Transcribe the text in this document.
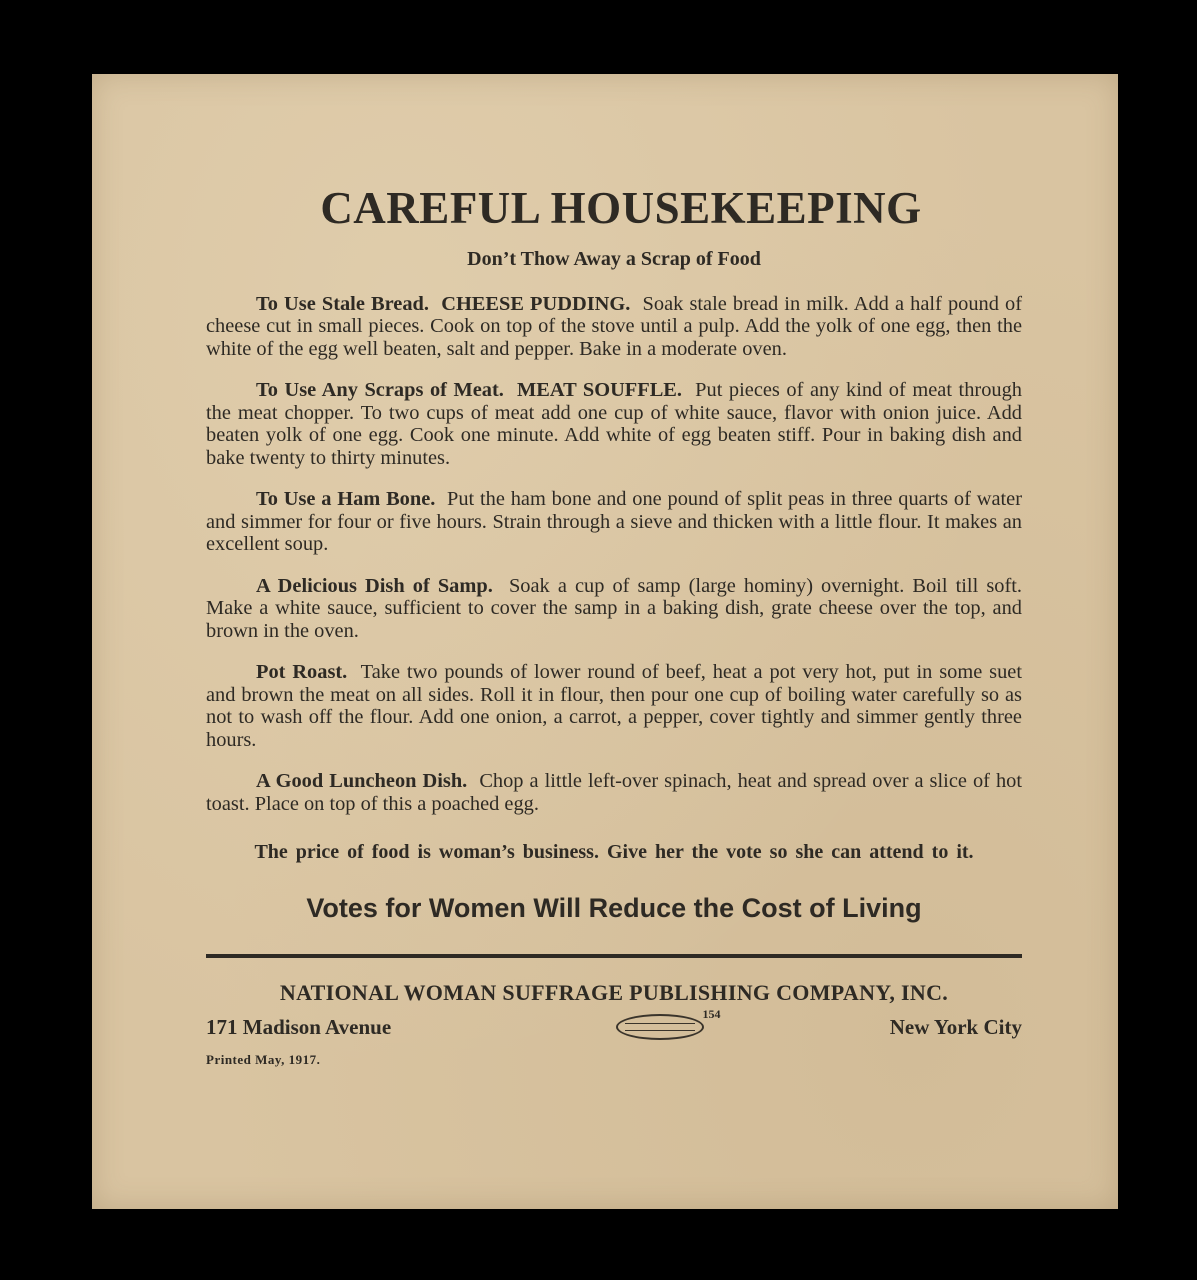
CAREFUL HOUSEKEEPING
Don’t Thow Away a Scrap of Food

To Use Stale Bread. CHEESE PUDDING. Soak stale bread in milk. Add a half pound of cheese cut in small pieces. Cook on top of the stove until a pulp. Add the yolk of one egg, then the white of the egg well beaten, salt and pepper. Bake in a moderate oven.

To Use Any Scraps of Meat. MEAT SOUFFLE. Put pieces of any kind of meat through the meat chopper. To two cups of meat add one cup of white sauce, flavor with onion juice. Add beaten yolk of one egg. Cook one minute. Add white of egg beaten stiff. Pour in baking dish and bake twenty to thirty minutes.

To Use a Ham Bone. Put the ham bone and one pound of split peas in three quarts of water and simmer for four or five hours. Strain through a sieve and thicken with a little flour. It makes an excellent soup.

A Delicious Dish of Samp. Soak a cup of samp (large hominy) overnight. Boil till soft. Make a white sauce, sufficient to cover the samp in a baking dish, grate cheese over the top, and brown in the oven.

Pot Roast. Take two pounds of lower round of beef, heat a pot very hot, put in some suet and brown the meat on all sides. Roll it in flour, then pour one cup of boiling water carefully so as not to wash off the flour. Add one onion, a carrot, a pepper, cover tightly and simmer gently three hours.

A Good Luncheon Dish. Chop a little left-over spinach, heat and spread over a slice of hot toast. Place on top of this a poached egg.

The price of food is woman’s business. Give her the vote so she can attend to it.

Votes for Women Will Reduce the Cost of Living
NATIONAL WOMAN SUFFRAGE PUBLISHING COMPANY, INC.
171 Madison Avenue
154
New York City
Printed May, 1917.
